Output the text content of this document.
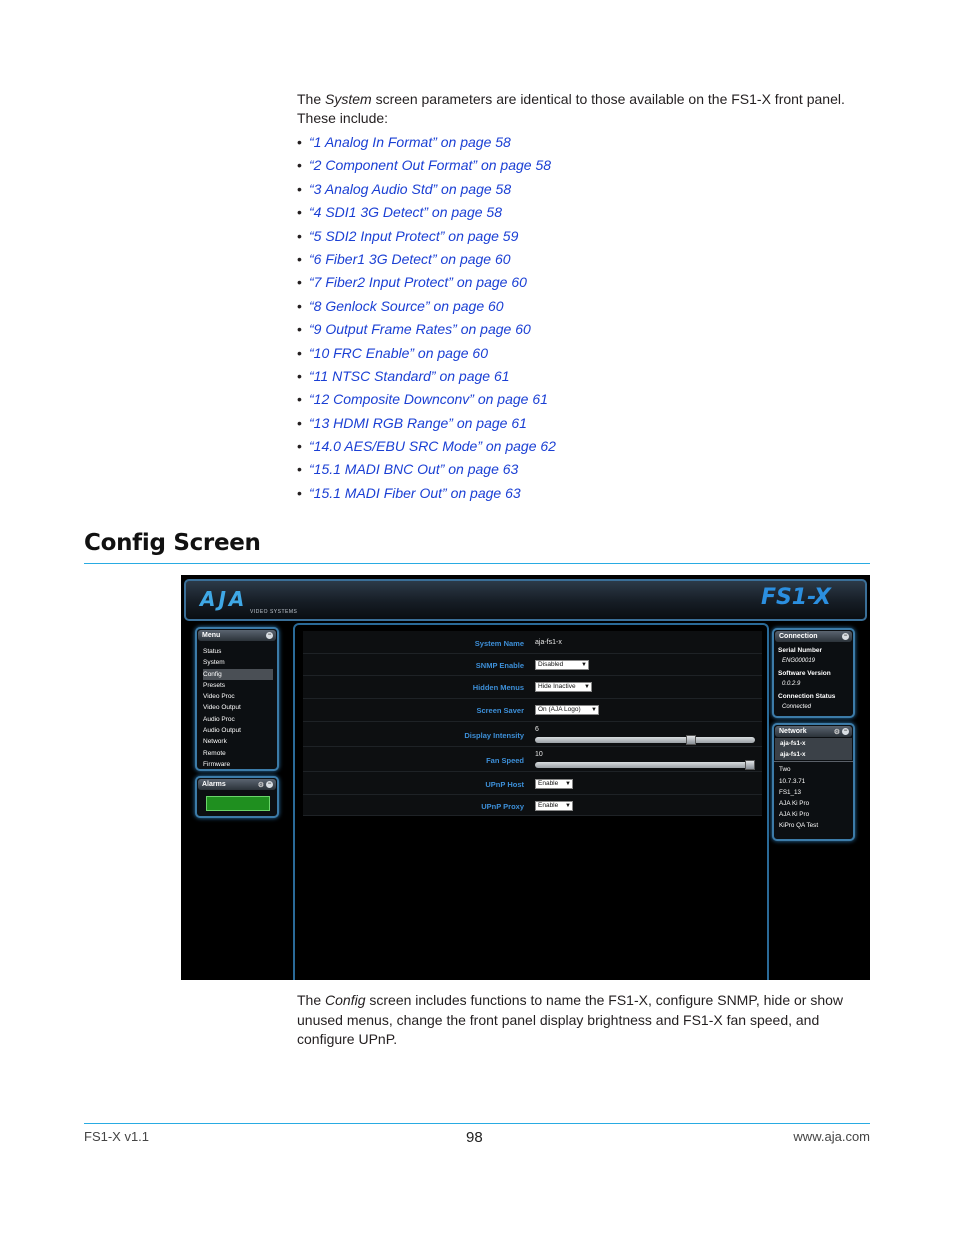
The System screen parameters are identical to those available on the FS1-X front panel. These include:

• “1 Analog In Format” on page 58
• “2 Component Out Format” on page 58
• “3 Analog Audio Std” on page 58
• “4 SDI1 3G Detect” on page 58
• “5 SDI2 Input Protect” on page 59
• “6 Fiber1 3G Detect” on page 60
• “7 Fiber2 Input Protect” on page 60
• “8 Genlock Source” on page 60
• “9 Output Frame Rates” on page 60
• “10 FRC Enable” on page 60
• “11 NTSC Standard” on page 61
• “12 Composite Downconv” on page 61
• “13 HDMI RGB Range” on page 61
• “14.0 AES/EBU SRC Mode” on page 62
• “15.1 MADI BNC Out” on page 63
• “15.1 MADI Fiber Out” on page 63
Config Screen
AJA
VIDEO SYSTEMS
FS1-X
Menu	−
Status
System
Config
Presets
Video Proc
Video Output
Audio Proc
Audio Output
Network
Remote
Firmware
Alarms	⚙ −
System Name aja-fs1-x
SNMP Enable	Disabled	▼
Hidden Menus	Hide Inactive ▼
Screen Saver	On (AJA Logo) ▼
Display Intensity
6
Fan Speed
10
UPnP Host	Enable ▼
UPnP Proxy	Enable ▼
Connection	−
Serial Number
ENG000019
Software Version
0.0.2.9
Connection Status
Connected
Network	⚙ −
aja-fs1-x
aja-fs1-x
Two
10.7.3.71
FS1_13
AJA Ki Pro
AJA Ki Pro
KiPro QA Test

The Config screen includes functions to name the FS1-X, configure SNMP, hide or show unused menus, change the front panel display brightness and FS1-X fan speed, and configure UPnP.

FS1-X v1.1	98	www.aja.com
